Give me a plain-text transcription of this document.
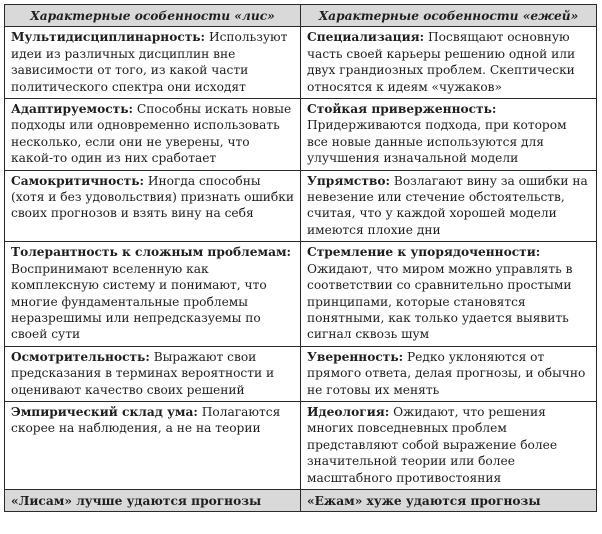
Характерные особенности «лис»	Характерные особенности «ежей»
Мультидисциплинарность: Используют идеи из различных дисциплин вне зависимости от того, из какой части политического спектра они исходят	Специализация: Посвящают основную часть своей карьеры решению одной или двух грандиозных проблем. Скептически относятся к идеям «чужаков»
Адаптируемость: Способны искать новые подходы или одновременно использовать несколько, если они не уверены, что какой-то один из них сработает	Стойкая приверженность: Придерживаются подхода, при котором все новые данные используются для улучшения изначальной модели
Самокритичность: Иногда способны (хотя и без удовольствия) признать ошибки своих прогнозов и взять вину на себя	Упрямство: Возлагают вину за ошибки на невезение или стечение обстоятельств, считая, что у каждой хорошей модели имеются плохие дни
Толерантность к сложным проблемам: Воспринимают вселенную как комплексную систему и понимают, что многие фундаментальные проблемы неразрешимы или непредсказуемы по своей сути	Стремление к упорядоченности: Ожидают, что миром можно управлять в соответствии со сравнительно простыми принципами, которые становятся понятными, как только удается выявить сигнал сквозь шум
Осмотрительность: Выражают свои предсказания в терминах вероятности и оценивают качество своих решений	Уверенность: Редко уклоняются от прямого ответа, делая прогнозы, и обычно не готовы их менять
Эмпирический склад ума: Полагаются скорее на наблюдения, а не на теории	Идеология: Ожидают, что решения многих повседневных проблем представляют собой выражение более значительной теории или более масштабного противостояния
«Лисам» лучше удаются прогнозы	«Ежам» хуже удаются прогнозы
